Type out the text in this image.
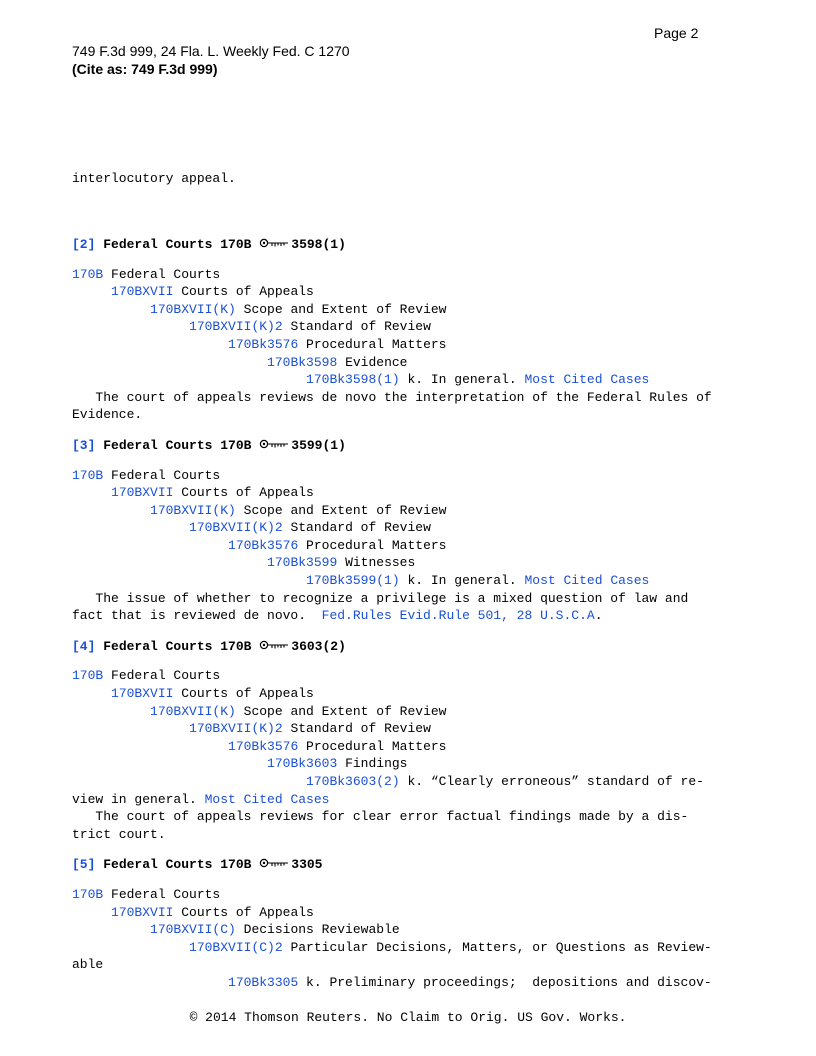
Page 2
749 F.3d 999, 24 Fla. L. Weekly Fed. C 1270
(Cite as: 749 F.3d 999)

interlocutory appeal.

[2] Federal Courts 170B	3598(1)
170B Federal Courts
170BXVII Courts of Appeals
170BXVII(K) Scope and Extent of Review
170BXVII(K)2 Standard of Review
170Bk3576 Procedural Matters
170Bk3598 Evidence
170Bk3598(1) k. In general. Most Cited Cases
The court of appeals reviews de novo the interpretation of the Federal Rules of
Evidence.
[3] Federal Courts 170B	3599(1)
170B Federal Courts
170BXVII Courts of Appeals
170BXVII(K) Scope and Extent of Review
170BXVII(K)2 Standard of Review
170Bk3576 Procedural Matters
170Bk3599 Witnesses
170Bk3599(1) k. In general. Most Cited Cases
The issue of whether to recognize a privilege is a mixed question of law and
fact that is reviewed de novo.  Fed.Rules Evid.Rule 501, 28 U.S.C.A.
[4] Federal Courts 170B	3603(2)
170B Federal Courts
170BXVII Courts of Appeals
170BXVII(K) Scope and Extent of Review
170BXVII(K)2 Standard of Review
170Bk3576 Procedural Matters
170Bk3603 Findings
170Bk3603(2) k. “Clearly erroneous” standard of re-
view in general. Most Cited Cases
The court of appeals reviews for clear error factual findings made by a dis-
trict court.
[5] Federal Courts 170B	3305
170B Federal Courts
170BXVII Courts of Appeals
170BXVII(C) Decisions Reviewable
170BXVII(C)2 Particular Decisions, Matters, or Questions as Review-
able
170Bk3305 k. Preliminary proceedings;  depositions and discov-

© 2014 Thomson Reuters. No Claim to Orig. US Gov. Works.
